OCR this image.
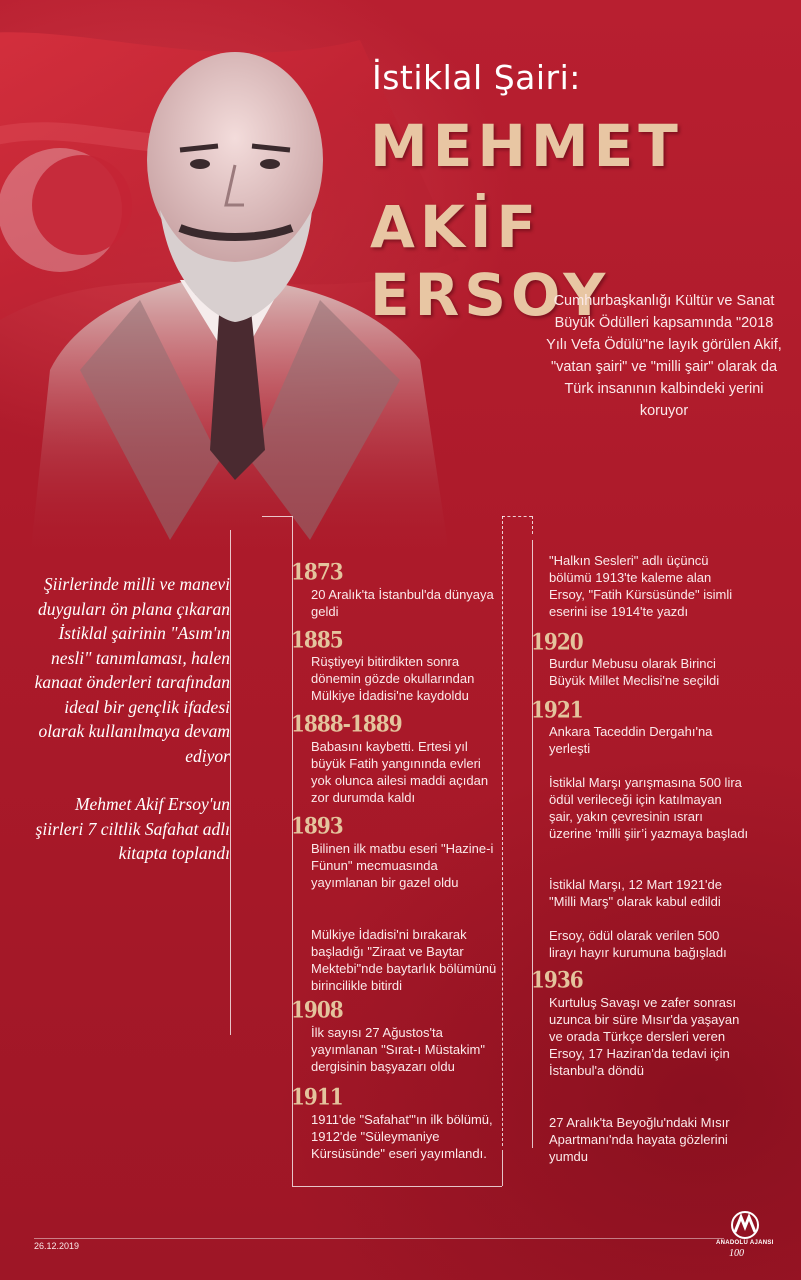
İstiklal Şairi:
MEHMET
AKİF ERSOY
Cumhurbaşkanlığı Kültür ve Sanat Büyük Ödülleri kapsamında "2018 Yılı Vefa Ödülü"ne layık görülen Akif, "vatan şairi" ve "milli şair" olarak da Türk insanının kalbindeki yerini koruyor

Şiirlerinde milli ve manevi duyguları ön plana çıkaran İstiklal şairinin "Asım'ın nesli" tanımlaması, halen kanaat önderleri tarafından ideal bir gençlik ifadesi olarak kullanılmaya devam ediyor

Mehmet Akif Ersoy'un şiirleri 7 ciltlik Safahat adlı kitapta toplandı

1873
20 Aralık'ta İstanbul'da dünyaya geldi
1885
Rüştiyeyi bitirdikten sonra dönemin gözde okullarından Mülkiye İdadisi'ne kaydoldu
1888-1889
Babasını kaybetti. Ertesi yıl büyük Fatih yangınında evleri yok olunca ailesi maddi açıdan zor durumda kaldı
1893
Bilinen ilk matbu eseri "Hazine-i Fünun" mecmuasında yayımlanan bir gazel oldu
Mülkiye İdadisi'ni bırakarak başladığı "Ziraat ve Baytar Mektebi"nde baytarlık bölümünü birincilikle bitirdi
1908
İlk sayısı 27 Ağustos'ta yayımlanan "Sırat-ı Müstakim" dergisinin başyazarı oldu
1911
1911'de "Safahat"'ın ilk bölümü, 1912'de "Süleymaniye Kürsüsünde" eseri yayımlandı.
"Halkın Sesleri" adlı üçüncü bölümü 1913'te kaleme alan Ersoy, "Fatih Kürsüsünde" isimli eserini ise 1914'te yazdı
1920
Burdur Mebusu olarak Birinci Büyük Millet Meclisi'ne seçildi
1921
Ankara Taceddin Dergahı'na yerleşti
İstiklal Marşı yarışmasına 500 lira ödül verileceği için katılmayan şair, yakın çevresinin ısrarı üzerine ‘milli şiir’i yazmaya başladı
İstiklal Marşı, 12 Mart 1921'de "Milli Marş" olarak kabul edildi
Ersoy, ödül olarak verilen 500 lirayı hayır kurumuna bağışladı
1936
Kurtuluş Savaşı ve zafer sonrası uzunca bir süre Mısır'da yaşayan ve orada Türkçe dersleri veren Ersoy, 17 Haziran'da tedavi için İstanbul'a döndü
27 Aralık'ta Beyoğlu'ndaki Mısır Apartmanı'nda hayata gözlerini yumdu
26.12.2019	ANADOLU AJANSI
100
